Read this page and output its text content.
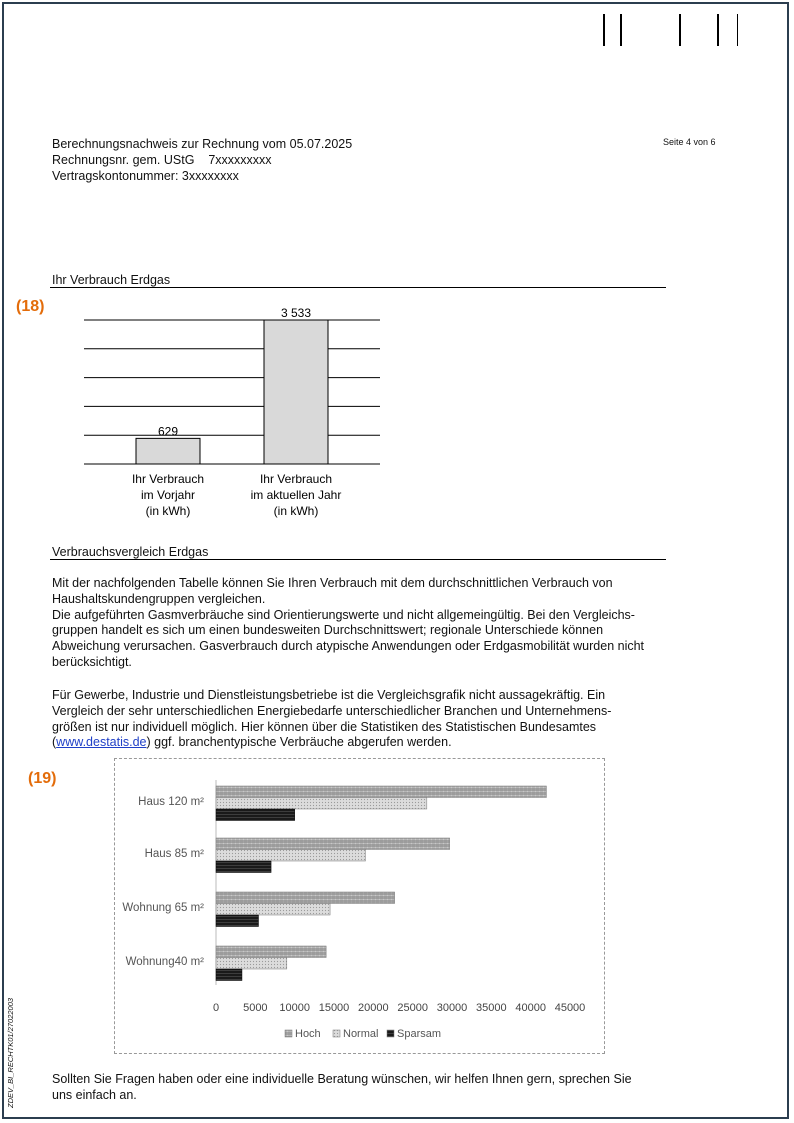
Berechnungsnachweis zur Rechnung vom 05.07.2025
Rechnungsnr. gem. UStG    7xxxxxxxxx
Vertragskontonummer: 3xxxxxxxx
Seite 4 von 6
Ihr Verbrauch Erdgas
(18)
629
Ihr Verbrauch
im Vorjahr
(in kWh)
3 533
Ihr Verbrauch
im aktuellen Jahr
(in kWh)
Verbrauchsvergleich Erdgas
Mit der nachfolgenden Tabelle können Sie Ihren Verbrauch mit dem durchschnittlichen Verbrauch von
Haushaltskundengruppen vergleichen.
Die aufgeführten Gasmverbräuche sind Orientierungswerte und nicht allgemeingültig. Bei den Vergleichs-
gruppen handelt es sich um einen bundesweiten Durchschnittswert; regionale Unterschiede können
Abweichung verursachen. Gasverbrauch durch atypische Anwendungen oder Erdgasmobilität wurden nicht
berücksichtigt.
Für Gewerbe, Industrie und Dienstleistungsbetriebe ist die Vergleichsgrafik nicht aussagekräftig. Ein
Vergleich der sehr unterschiedlichen Energiebedarfe unterschiedlicher Branchen und Unternehmens-
größen ist nur individuell möglich. Hier können über die Statistiken des Statistischen Bundesamtes
(www.destatis.de) ggf. branchentypische Verbräuche abgerufen werden.
(19)
Haus 120 m²
Haus 85 m²
Wohnung 65 m²
Wohnung40 m²
0 5000 10000 15000 20000 25000 30000 35000 40000 45000
Hoch Normal Sparsam
Sollten Sie Fragen haben oder eine individuelle Beratung wünschen, wir helfen Ihnen gern, sprechen Sie
uns einfach an.
ZDEV_BI_RECHTK01/27022003
